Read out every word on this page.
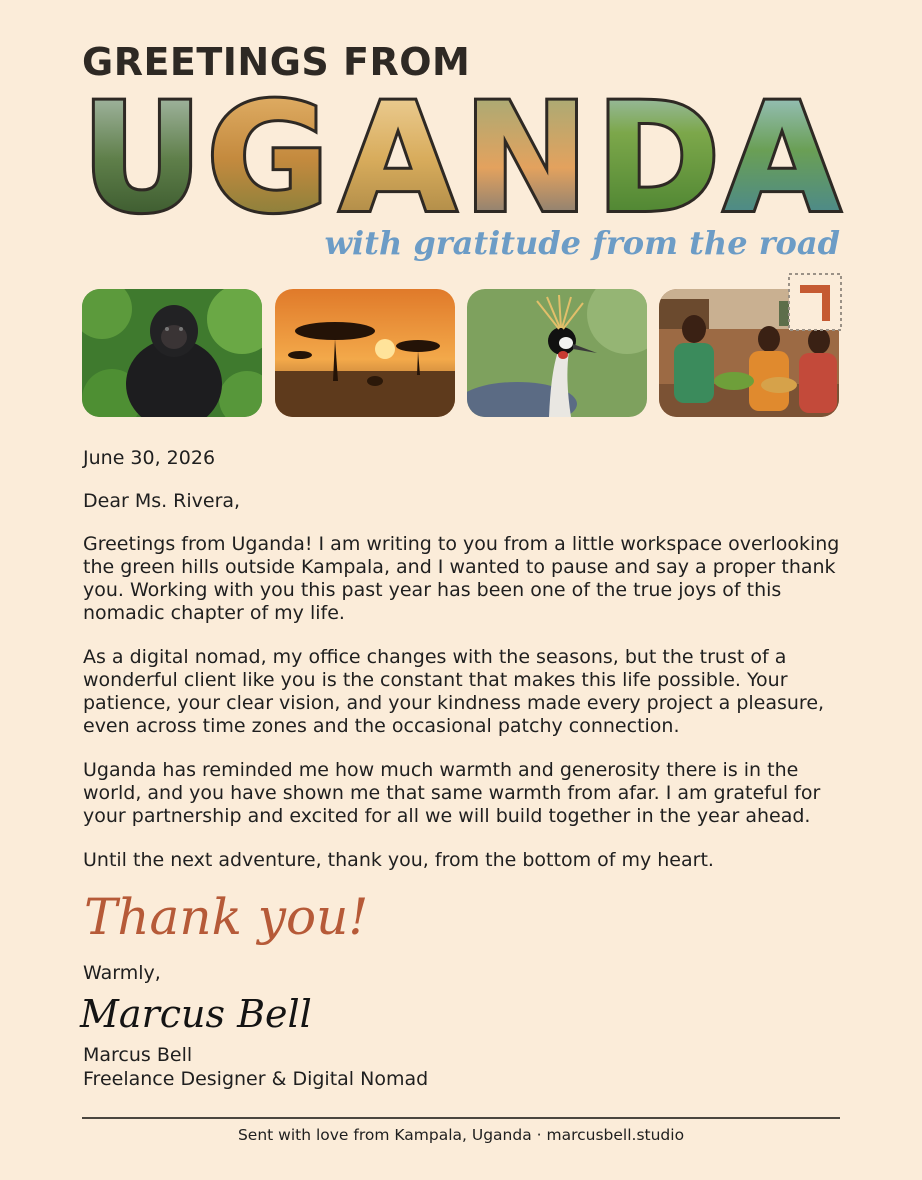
GREETINGS FROM
U G A N D A
with gratitude from the road

June 30, 2026

Dear Ms. Rivera,

Greetings from Uganda! I am writing to you from a little workspace overlooking the green hills outside Kampala, and I wanted to pause and say a proper thank you. Working with you this past year has been one of the true joys of this nomadic chapter of my life.

As a digital nomad, my office changes with the seasons, but the trust of a wonderful client like you is the constant that makes this life possible. Your patience, your clear vision, and your kindness made every project a pleasure, even across time zones and the occasional patchy connection.

Uganda has reminded me how much warmth and generosity there is in the world, and you have shown me that same warmth from afar. I am grateful for your partnership and excited for all we will build together in the year ahead.

Until the next adventure, thank you, from the bottom of my heart.

Thank you!
Warmly,
Marcus Bell
Marcus Bell
Freelance Designer & Digital Nomad
Sent with love from Kampala, Uganda · marcusbell.studio
